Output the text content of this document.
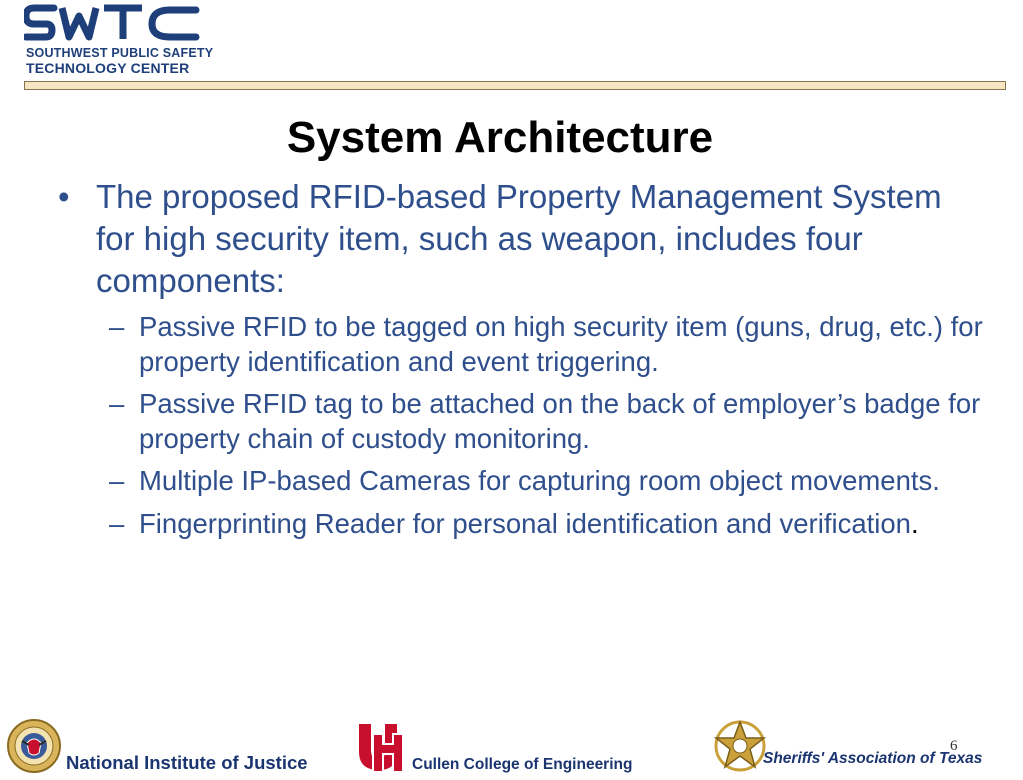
SOUTHWEST PUBLIC SAFETY
TECHNOLOGY CENTER
System Architecture
• The proposed RFID-based Property Management System for high security item, such as weapon, includes four components:
– Passive RFID to be tagged on high security item (guns, drug, etc.) for property identification and event triggering.
– Passive RFID tag to be attached on the back of employer’s badge for property chain of custody monitoring.
– Multiple IP-based Cameras for capturing room object movements.
– Fingerprinting Reader for personal identification and verification.
6
National Institute of Justice	Cullen College of Engineering	Sheriffs' Association of Texas
